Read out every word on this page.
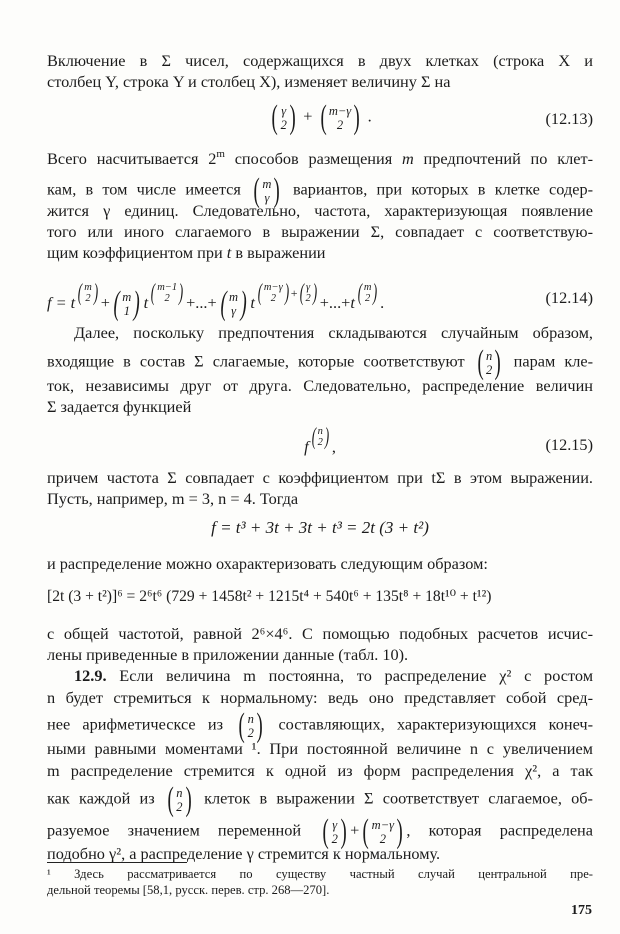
Включение в Σ чисел, содержащихся в двух клетках (строка X и
столбец Y, строка Y и столбец X), изменяет величину Σ на
( γ
2 ) + ( m−γ
2 ) .	(12.13)
Всего насчитывается 2$^m$ способов размещения m предпочтений по клет-
кам, в том числе имеется ( m
γ ) вариантов, при которых в клетке содер-
жится γ единиц. Следовательно, частота, характеризующая появление
того или иного слагаемого в выражении Σ, совпадает с соответствую-
щим коэффициентом при t в выражении
f = t ( m
2 ) + ( m
1 ) t ( m−1
2 ) +...+ ( m
γ ) t ( m−γ
2 ) + ( γ
2 ) +...+t ( m
2 ) .	(12.14)
Далее, поскольку предпочтения складываются случайным образом,
входящие в состав Σ слагаемые, которые соответствуют ( n
2 ) парам кле-
ток, независимы друг от друга. Следовательно, распределение величин
Σ задается функцией
f ( n
2 ) ,	(12.15)
причем частота Σ совпадает с коэффициентом при tΣ в этом выражении.
Пусть, например, m = 3, n = 4. Тогда
f = t³ + 3t + 3t + t³ = 2t (3 + t²)
и распределение можно охарактеризовать следующим образом:
[2t (3 + t²)]⁶ = 2⁶t⁶ (729 + 1458t² + 1215t⁴ + 540t⁶ + 135t⁸ + 18t¹⁰ + t¹²)
с общей частотой, равной 2⁶×4⁶. С помощью подобных расчетов исчис-
лены приведенные в приложении данные (табл. 10).
12.9. Если величина m постоянна, то распределение χ² с ростом
n будет стремиться к нормальному: ведь оно представляет собой сред-
нее арифметическсе из ( n
2 ) составляющих, характеризующихся конеч-
ными равными моментами ¹. При постоянной величине n с увеличением
m распределение стремится к одной из форм распределения χ², а так
как каждой из ( n
2 ) клеток в выражении Σ соответствует слагаемое, об-
разуемое значением переменной ( γ
2 ) + ( m−γ
2 ) , которая распределена
подобно γ², а распределение γ стремится к нормальному.
¹ Здесь рассматривается по существу частный случай центральной пре-
дельной теоремы [58,1, русск. перев. стр. 268—270].
175
